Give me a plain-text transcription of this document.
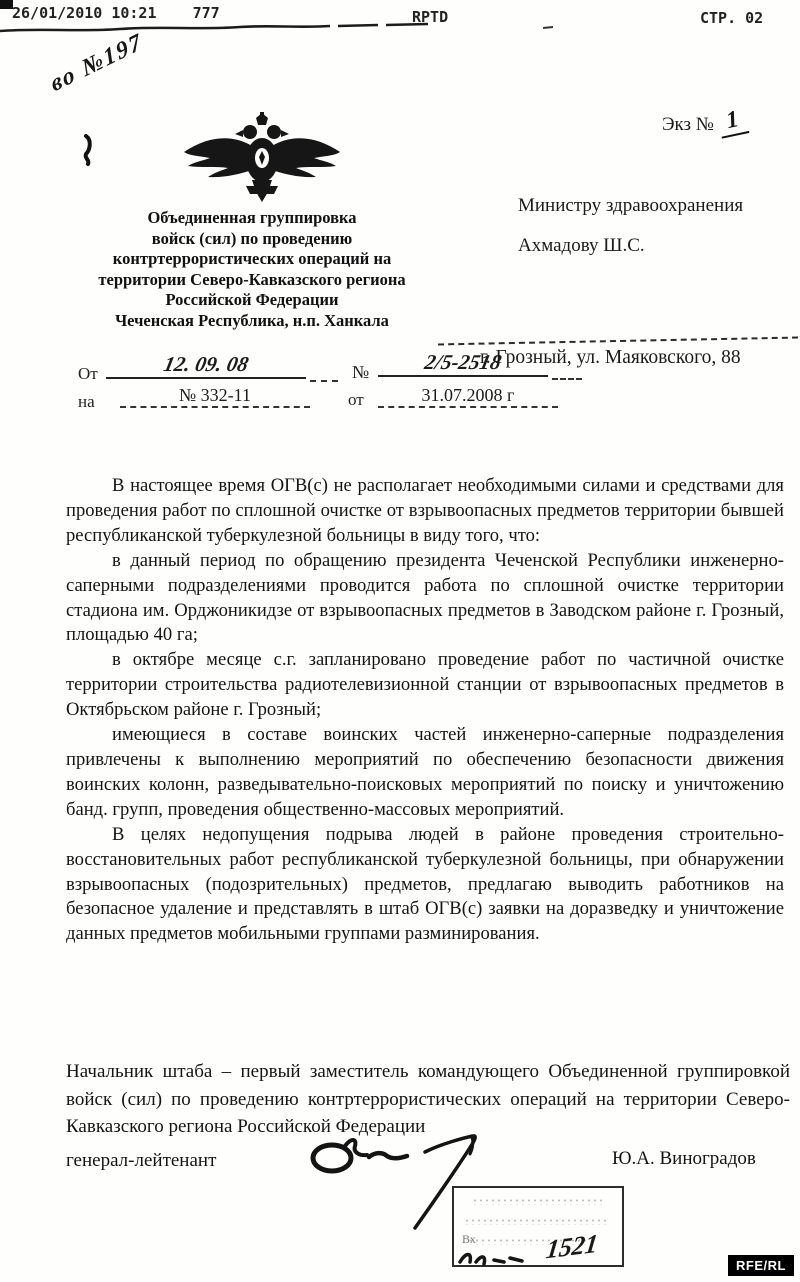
26/01/2010 10:21 777	RPTD	СТР. 02
во №197
Экз № 1
Объединенная группировка
войск (сил) по проведению
контртеррористических операций на
территории Северо-Кавказского региона
Российской Федерации
Чеченская Республика, н.п. Ханкала
Министру здравоохранения
Ахмадову Ш.С.
г. Грозный, ул. Маяковского, 88
От	12. 09. 08	№	2/5-2518
на	№ 332-11	от	31.07.2008 г

В настоящее время ОГВ(с) не располагает необходимыми силами и средствами для проведения работ по сплошной очистке от взрывоопасных предметов территории бывшей республиканской туберкулезной больницы в виду того, что:

в данный период по обращению президента Чеченской Республики инженерно-саперными подразделениями проводится работа по сплошной очистке территории стадиона им. Орджоникидзе от взрывоопасных предметов в Заводском районе г. Грозный, площадью 40 га;

в октябре месяце с.г. запланировано проведение работ по частичной очистке территории строительства радиотелевизионной станции от взрывоопасных предметов в Октябрьском районе г. Грозный;

имеющиеся в составе воинских частей инженерно-саперные подразделения привлечены к выполнению мероприятий по обеспечению безопасности движения воинских колонн, разведывательно-поисковых мероприятий по поиску и уничтожению банд. групп, проведения общественно-массовых мероприятий.

В целях недопущения подрыва людей в районе проведения строительно-восстановительных работ республиканской туберкулезной больницы, при обнаружении взрывоопасных (подозрительных) предметов, предлагаю выводить работников на безопасное удаление и представлять в штаб ОГВ(с) заявки на доразведку и уничтожение данных предметов мобильными группами разминирования.

Начальник штаба – первый заместитель командующего Объединенной группировкой войск (сил) по проведению контртеррористических операций на территории Северо-Кавказского региона Российской Федерации
генерал-лейтенант	Ю.А. Виноградов
Вх	1521
RFE/RL
